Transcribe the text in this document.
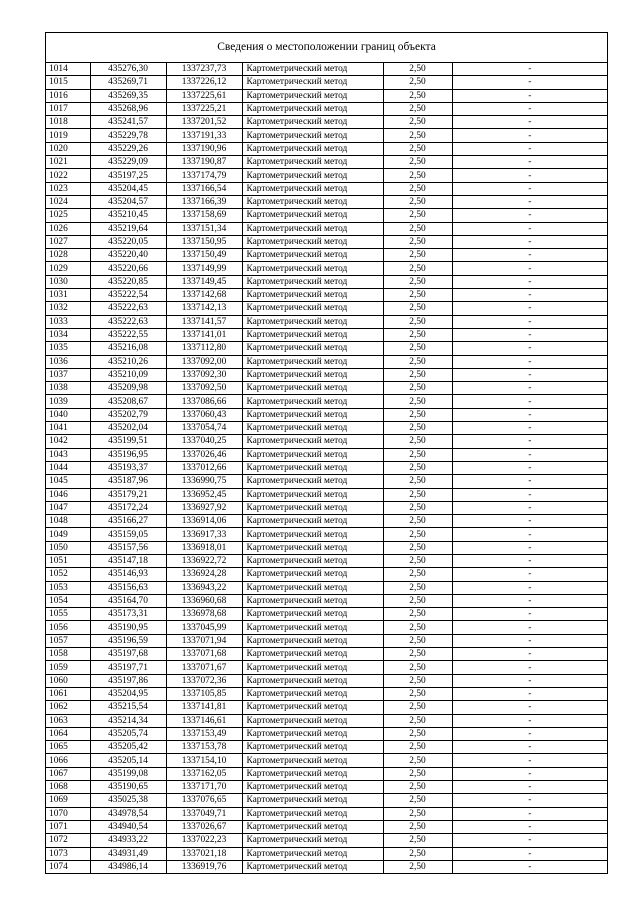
Сведения о местоположении границ объекта
1014	435276,30	1337237,73	Картометрический метод	2,50	-
1015	435269,71	1337226,12	Картометрический метод	2,50	-
1016	435269,35	1337225,61	Картометрический метод	2,50	-
1017	435268,96	1337225,21	Картометрический метод	2,50	-
1018	435241,57	1337201,52	Картометрический метод	2,50	-
1019	435229,78	1337191,33	Картометрический метод	2,50	-
1020	435229,26	1337190,96	Картометрический метод	2,50	-
1021	435229,09	1337190,87	Картометрический метод	2,50	-
1022	435197,25	1337174,79	Картометрический метод	2,50	-
1023	435204,45	1337166,54	Картометрический метод	2,50	-
1024	435204,57	1337166,39	Картометрический метод	2,50	-
1025	435210,45	1337158,69	Картометрический метод	2,50	-
1026	435219,64	1337151,34	Картометрический метод	2,50	-
1027	435220,05	1337150,95	Картометрический метод	2,50	-
1028	435220,40	1337150,49	Картометрический метод	2,50	-
1029	435220,66	1337149,99	Картометрический метод	2,50	-
1030	435220,85	1337149,45	Картометрический метод	2,50	-
1031	435222,54	1337142,68	Картометрический метод	2,50	-
1032	435222,63	1337142,13	Картометрический метод	2,50	-
1033	435222,63	1337141,57	Картометрический метод	2,50	-
1034	435222,55	1337141,01	Картометрический метод	2,50	-
1035	435216,08	1337112,80	Картометрический метод	2,50	-
1036	435210,26	1337092,00	Картометрический метод	2,50	-
1037	435210,09	1337092,30	Картометрический метод	2,50	-
1038	435209,98	1337092,50	Картометрический метод	2,50	-
1039	435208,67	1337086,66	Картометрический метод	2,50	-
1040	435202,79	1337060,43	Картометрический метод	2,50	-
1041	435202,04	1337054,74	Картометрический метод	2,50	-
1042	435199,51	1337040,25	Картометрический метод	2,50	-
1043	435196,95	1337026,46	Картометрический метод	2,50	-
1044	435193,37	1337012,66	Картометрический метод	2,50	-
1045	435187,96	1336990,75	Картометрический метод	2,50	-
1046	435179,21	1336952,45	Картометрический метод	2,50	-
1047	435172,24	1336927,92	Картометрический метод	2,50	-
1048	435166,27	1336914,06	Картометрический метод	2,50	-
1049	435159,05	1336917,33	Картометрический метод	2,50	-
1050	435157,56	1336918,01	Картометрический метод	2,50	-
1051	435147,18	1336922,72	Картометрический метод	2,50	-
1052	435146,93	1336924,28	Картометрический метод	2,50	-
1053	435156,63	1336943,22	Картометрический метод	2,50	-
1054	435164,70	1336960,68	Картометрический метод	2,50	-
1055	435173,31	1336978,68	Картометрический метод	2,50	-
1056	435190,95	1337045,99	Картометрический метод	2,50	-
1057	435196,59	1337071,94	Картометрический метод	2,50	-
1058	435197,68	1337071,68	Картометрический метод	2,50	-
1059	435197,71	1337071,67	Картометрический метод	2,50	-
1060	435197,86	1337072,36	Картометрический метод	2,50	-
1061	435204,95	1337105,85	Картометрический метод	2,50	-
1062	435215,54	1337141,81	Картометрический метод	2,50	-
1063	435214,34	1337146,61	Картометрический метод	2,50	-
1064	435205,74	1337153,49	Картометрический метод	2,50	-
1065	435205,42	1337153,78	Картометрический метод	2,50	-
1066	435205,14	1337154,10	Картометрический метод	2,50	-
1067	435199,08	1337162,05	Картометрический метод	2,50	-
1068	435190,65	1337171,70	Картометрический метод	2,50	-
1069	435025,38	1337076,65	Картометрический метод	2,50	-
1070	434978,54	1337049,71	Картометрический метод	2,50	-
1071	434940,54	1337026,67	Картометрический метод	2,50	-
1072	434933,22	1337022,23	Картометрический метод	2,50	-
1073	434931,49	1337021,18	Картометрический метод	2,50	-
1074	434986,14	1336919,76	Картометрический метод	2,50	-
